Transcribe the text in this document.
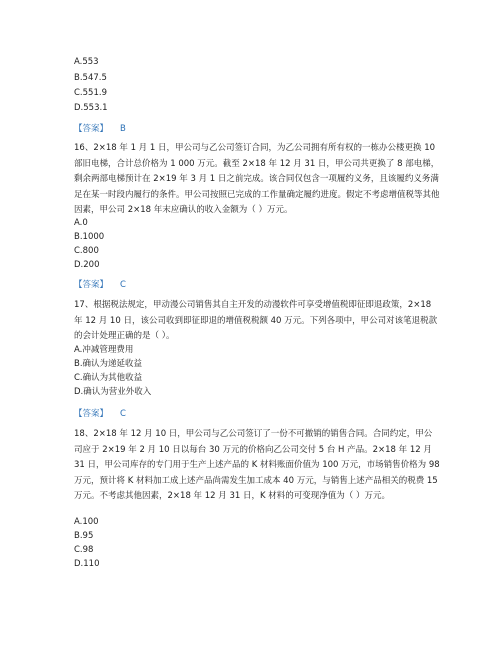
A.553

B.547.5

C.551.9

D.553.1

【答案】 B

16、2×18 年 1 月 1 日，甲公司与乙公司签订合同，为乙公司拥有所有权的一栋办公楼更换 10 部旧电梯，合计总价格为 1 000 万元。截至 2×18 年 12 月 31 日，甲公司共更换了 8 部电梯，剩余两部电梯预计在 2×19 年 3 月 1 日之前完成。该合同仅包含一项履约义务，且该履约义务满足在某一时段内履行的条件。甲公司按照已完成的工作量确定履约进度。假定不考虑增值税等其他因素，甲公司 2×18 年末应确认的收入金额为（ ）万元。

A.0

B.1000

C.800

D.200

【答案】 C

17、根据税法规定，甲动漫公司销售其自主开发的动漫软件可享受增值税即征即退政策，2×18 年 12 月 10 日，该公司收到即征即退的增值税税额 40 万元。下列各项中，甲公司对该笔退税款的会计处理正确的是（ ）。

A.冲减管理费用

B.确认为递延收益

C.确认为其他收益

D.确认为营业外收入

【答案】 C

18、2×18 年 12 月 10 日，甲公司与乙公司签订了一份不可撤销的销售合同。合同约定，甲公司应于 2×19 年 2 月 10 日以每台 30 万元的价格向乙公司交付 5 台 H 产品。2×18 年 12 月 31 日，甲公司库存的专门用于生产上述产品的 K 材料账面价值为 100 万元，市场销售价格为 98 万元，预计将 K 材料加工成上述产品尚需发生加工成本 40 万元，与销售上述产品相关的税费 15 万元。不考虑其他因素，2×18 年 12 月 31 日，K 材料的可变现净值为（ ）万元。

A.100

B.95

C.98

D.110
